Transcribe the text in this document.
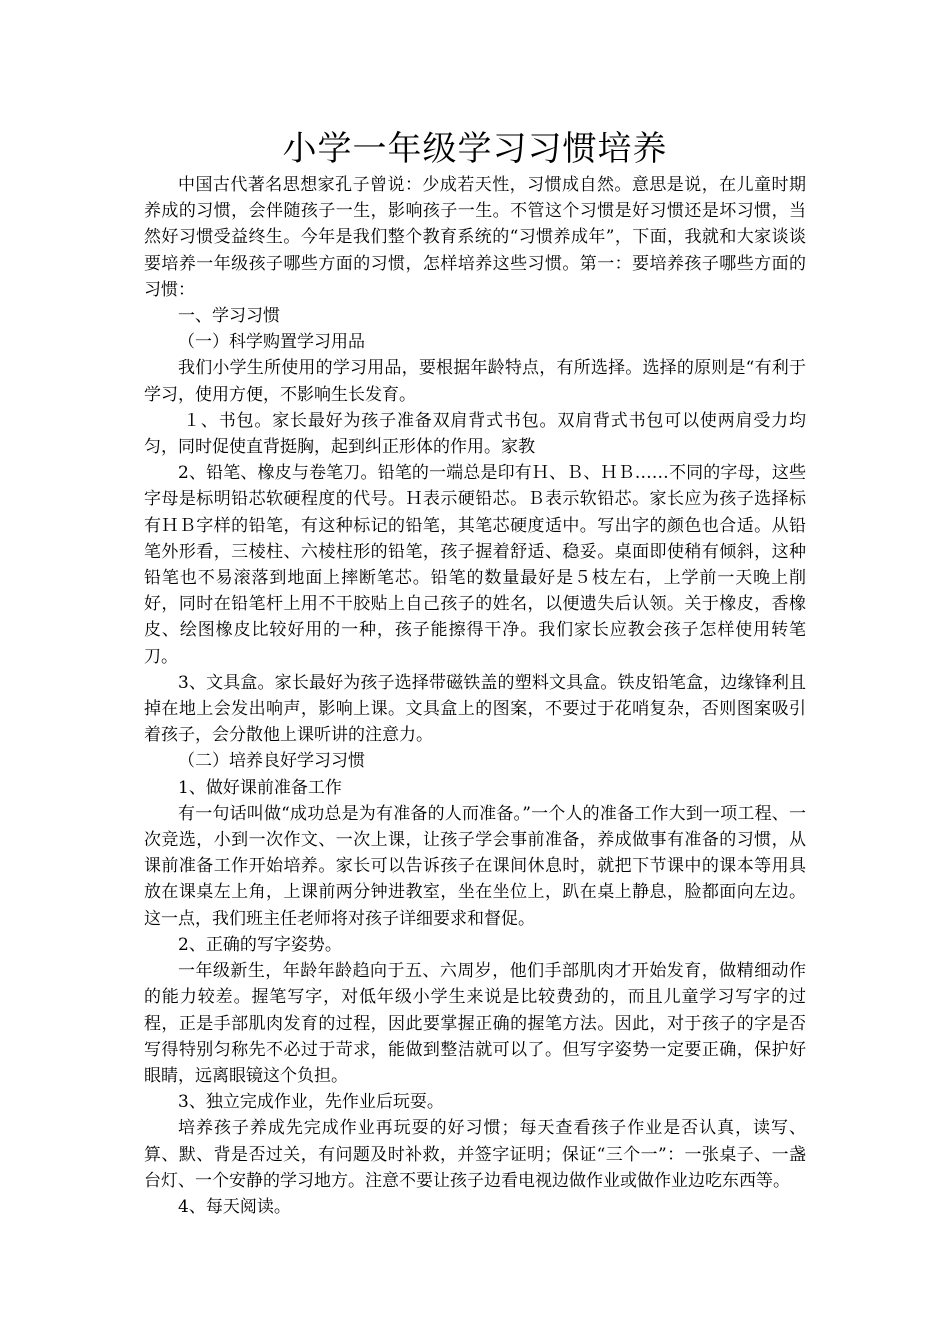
小学一年级学习习惯培养

中国古代著名思想家孔子曾说：少成若天性，习惯成自然。意思是说，在儿童时期养成的习惯，会伴随孩子一生，影响孩子一生。不管这个习惯是好习惯还是坏习惯，当然好习惯受益终生。今年是我们整个教育系统的“习惯养成年”，下面，我就和大家谈谈要培养一年级孩子哪些方面的习惯，怎样培养这些习惯。第一：要培养孩子哪些方面的习惯：

一、学习习惯

（一）科学购置学习用品

我们小学生所使用的学习用品，要根据年龄特点，有所选择。选择的原则是“有利于学习，使用方便，不影响生长发育。

１、书包。家长最好为孩子准备双肩背式书包。双肩背式书包可以使两肩受力均匀，同时促使直背挺胸，起到纠正形体的作用。家教

2、铅笔、橡皮与卷笔刀。铅笔的一端总是印有Ｈ、Ｂ、ＨＢ……不同的字母，这些字母是标明铅芯软硬程度的代号。Ｈ表示硬铅芯。Ｂ表示软铅芯。家长应为孩子选择标有ＨＢ字样的铅笔，有这种标记的铅笔，其笔芯硬度适中。写出字的颜色也合适。从铅笔外形看，三棱柱、六棱柱形的铅笔，孩子握着舒适、稳妥。桌面即使稍有倾斜，这种铅笔也不易滚落到地面上摔断笔芯。铅笔的数量最好是５枝左右，上学前一天晚上削好，同时在铅笔杆上用不干胶贴上自己孩子的姓名，以便遗失后认领。关于橡皮，香橡皮、绘图橡皮比较好用的一种，孩子能擦得干净。我们家长应教会孩子怎样使用转笔刀。

3、文具盒。家长最好为孩子选择带磁铁盖的塑料文具盒。铁皮铅笔盒，边缘锋利且掉在地上会发出响声，影响上课。文具盒上的图案，不要过于花哨复杂，否则图案吸引着孩子，会分散他上课听讲的注意力。

（二）培养良好学习习惯

1、做好课前准备工作

有一句话叫做“成功总是为有准备的人而准备。”一个人的准备工作大到一项工程、一次竞选，小到一次作文、一次上课，让孩子学会事前准备，养成做事有准备的习惯，从课前准备工作开始培养。家长可以告诉孩子在课间休息时，就把下节课中的课本等用具放在课桌左上角，上课前两分钟进教室，坐在坐位上，趴在桌上静息，脸都面向左边。这一点，我们班主任老师将对孩子详细要求和督促。

2、正确的写字姿势。

一年级新生，年龄年龄趋向于五、六周岁，他们手部肌肉才开始发育，做精细动作的能力较差。握笔写字，对低年级小学生来说是比较费劲的，而且儿童学习写字的过程，正是手部肌肉发育的过程，因此要掌握正确的握笔方法。因此，对于孩子的字是否写得特别匀称先不必过于苛求，能做到整洁就可以了。但写字姿势一定要正确，保护好眼睛，远离眼镜这个负担。

3、独立完成作业，先作业后玩耍。

培养孩子养成先完成作业再玩耍的好习惯；每天查看孩子作业是否认真，读写、算、默、背是否过关，有问题及时补救，并签字证明；保证“三个一”：一张桌子、一盏台灯、一个安静的学习地方。注意不要让孩子边看电视边做作业或做作业边吃东西等。

4、每天阅读。
